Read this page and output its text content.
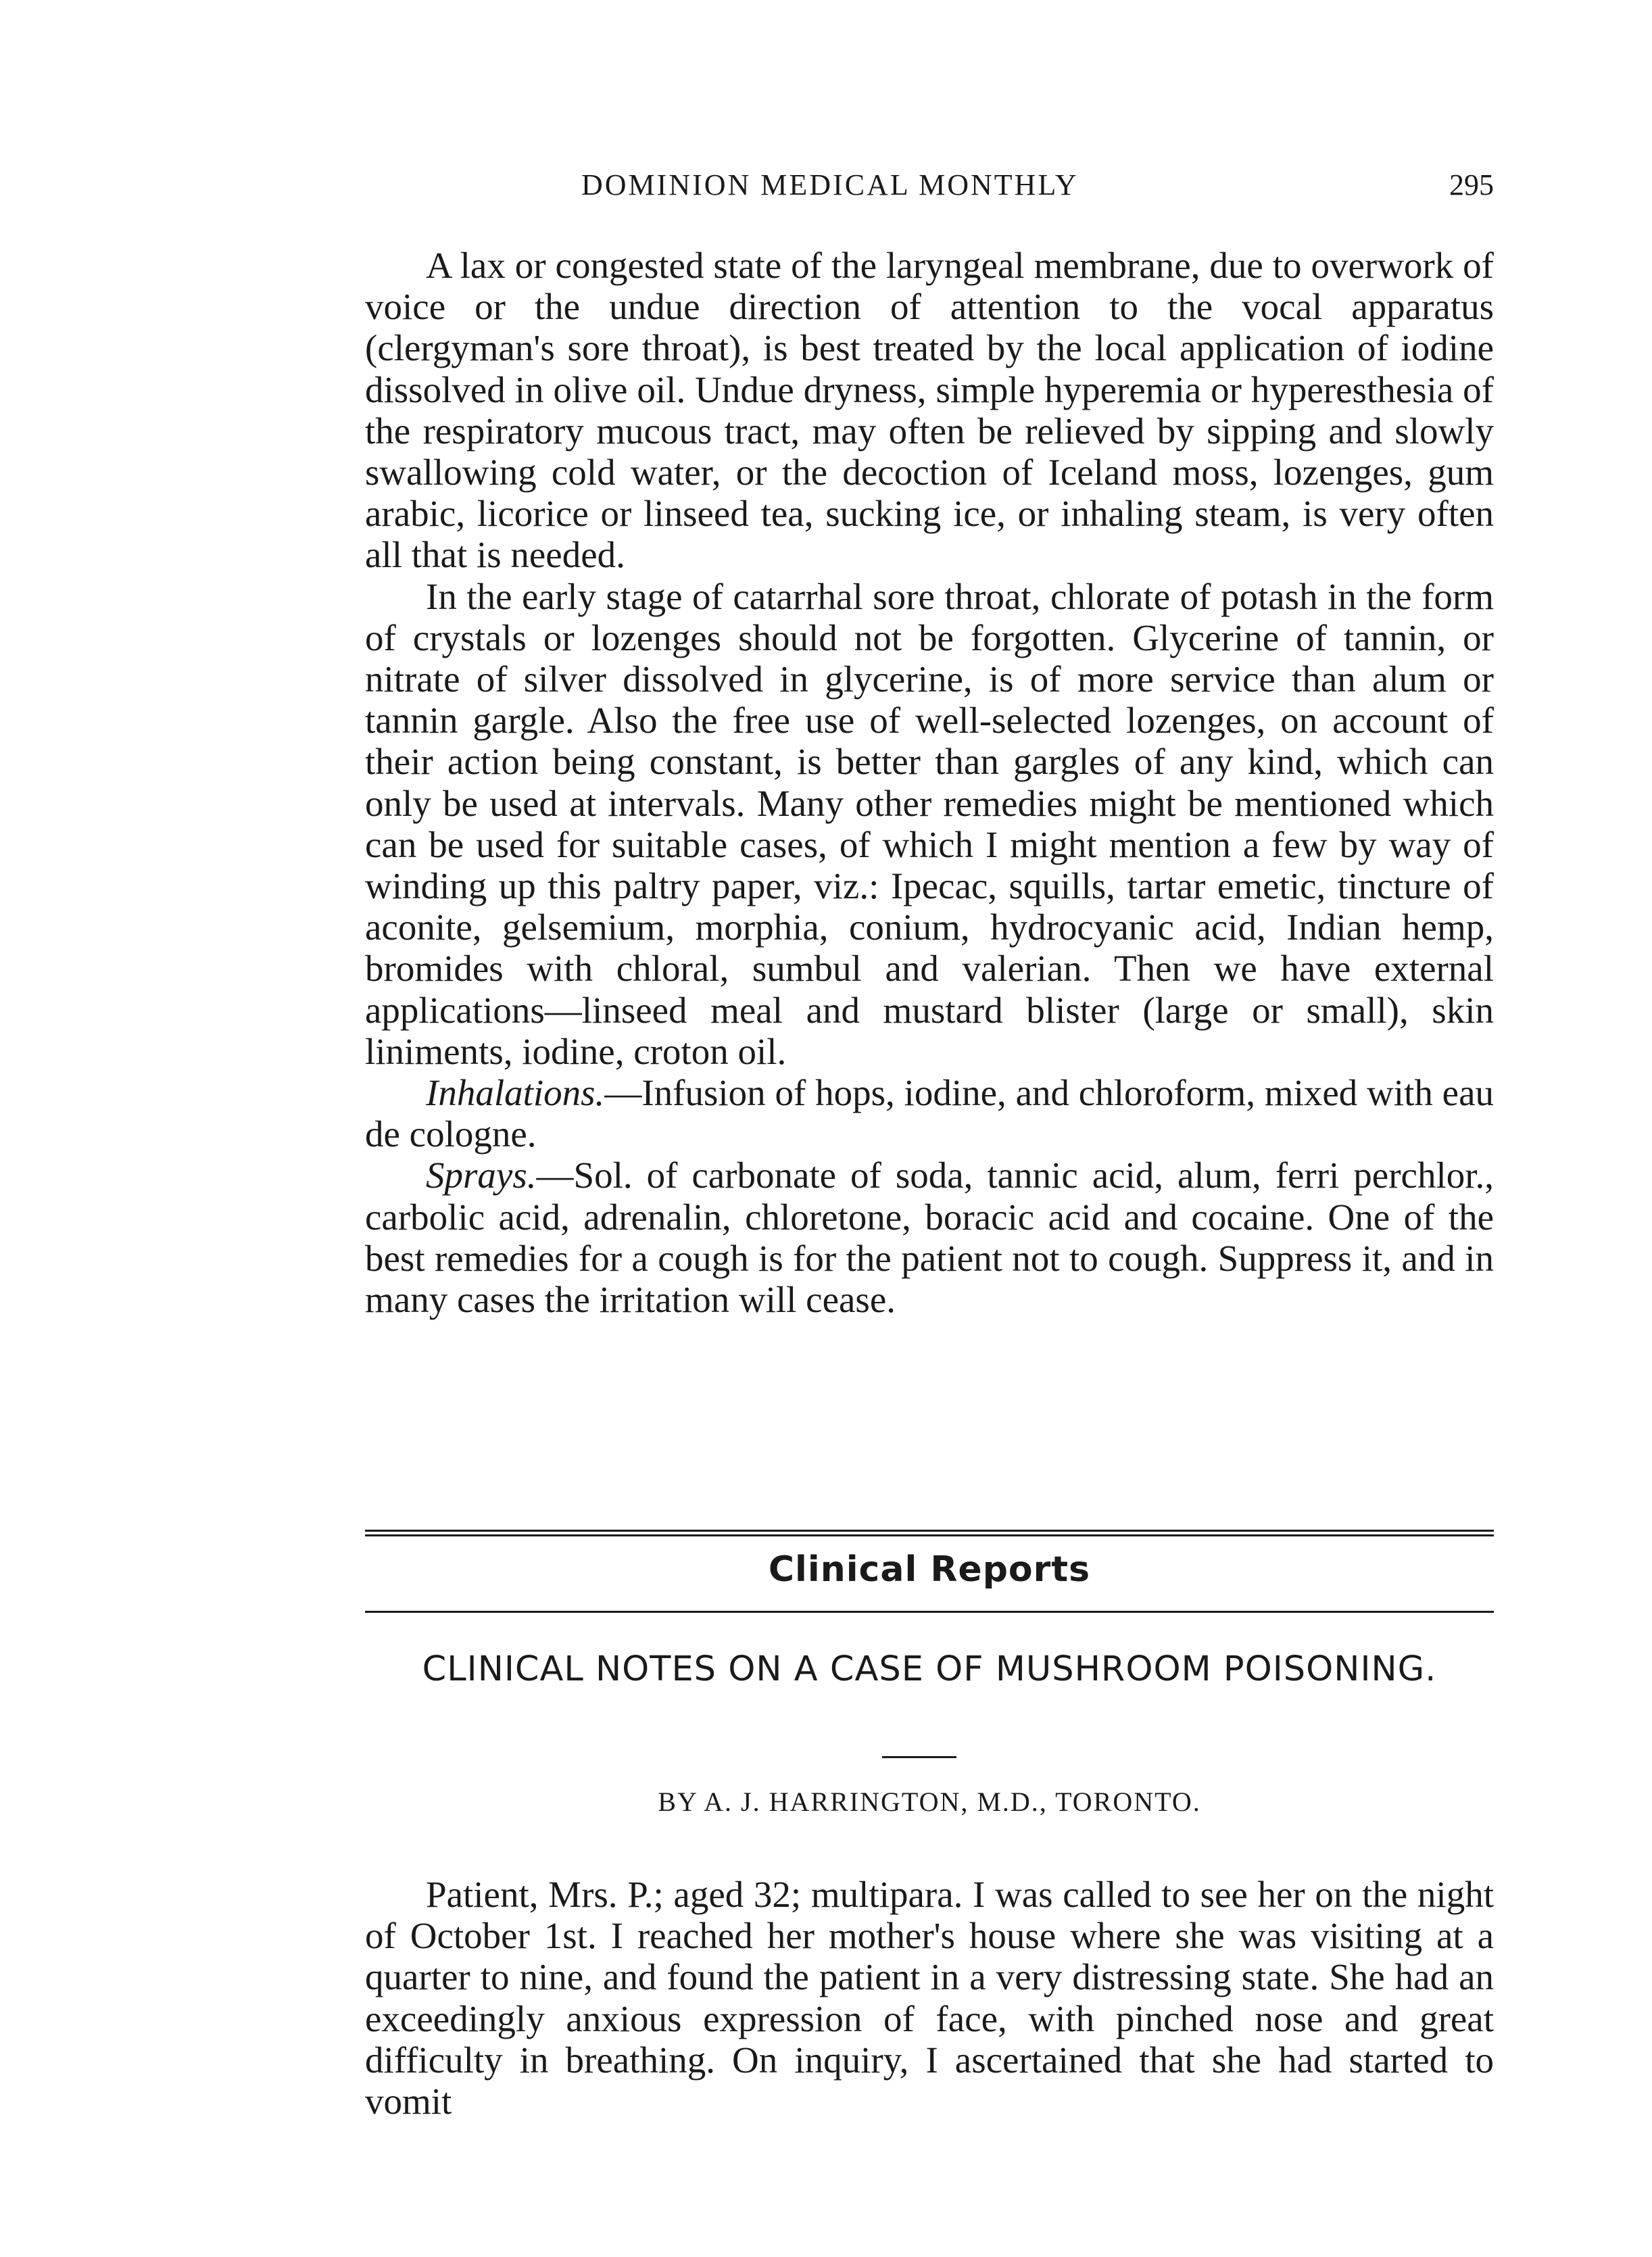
DOMINION MEDICAL MONTHLY	295

A lax or congested state of the laryngeal membrane, due to overwork of voice or the undue direction of attention to the vocal apparatus (clergyman's sore throat), is best treated by the local application of iodine dissolved in olive oil. Undue dryness, simple hyperemia or hyperesthesia of the respiratory mucous tract, may often be relieved by sipping and slowly swallowing cold water, or the decoction of Iceland moss, lozenges, gum arabic, licorice or linseed tea, sucking ice, or inhaling steam, is very often all that is needed.

In the early stage of catarrhal sore throat, chlorate of potash in the form of crystals or lozenges should not be forgotten. Glycerine of tannin, or nitrate of silver dissolved in glycerine, is of more service than alum or tannin gargle. Also the free use of well-selected lozenges, on account of their action being constant, is better than gargles of any kind, which can only be used at intervals. Many other remedies might be mentioned which can be used for suitable cases, of which I might mention a few by way of winding up this paltry paper, viz.: Ipecac, squills, tartar emetic, tincture of aconite, gelsemium, morphia, conium, hydrocyanic acid, Indian hemp, bromides with chloral, sumbul and valerian. Then we have external applications—linseed meal and mustard blister (large or small), skin liniments, iodine, croton oil.

Inhalations.—Infusion of hops, iodine, and chloroform, mixed with eau de cologne.

Sprays.—Sol. of carbonate of soda, tannic acid, alum, ferri perchlor., carbolic acid, adrenalin, chloretone, boracic acid and cocaine. One of the best remedies for a cough is for the patient not to cough. Suppress it, and in many cases the irritation will cease.

Clinical Reports
CLINICAL NOTES ON A CASE OF MUSHROOM POISONING.
BY A. J. HARRINGTON, M.D., TORONTO.

Patient, Mrs. P.; aged 32; multipara. I was called to see her on the night of October 1st. I reached her mother's house where she was visiting at a quarter to nine, and found the patient in a very distressing state. She had an exceedingly anxious expression of face, with pinched nose and great difficulty in breathing. On inquiry, I ascertained that she had started to vomit
